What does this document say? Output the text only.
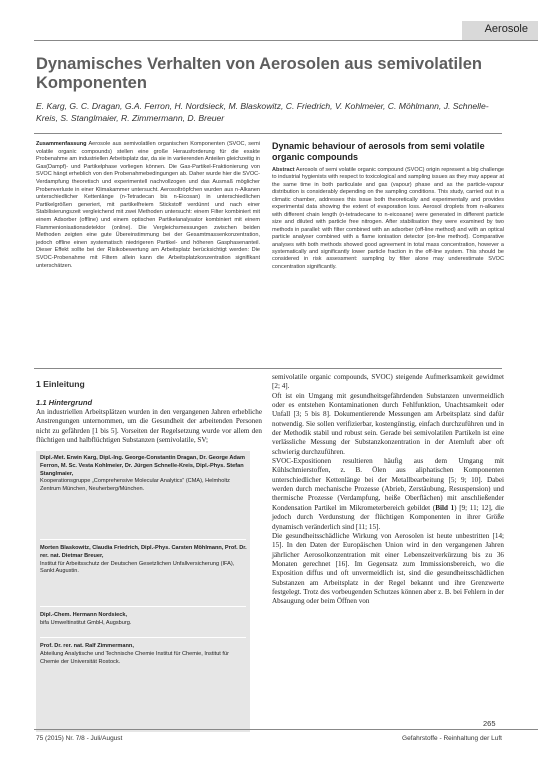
Aerosole
Dynamisches Verhalten von Aerosolen aus semivolatilen Komponenten

E. Karg, G. C. Dragan, G.A. Ferron, H. Nordsieck, M. Blaskowitz, C. Friedrich, V. Kohlmeier, C. Möhlmann, J. Schnelle-Kreis, S. Stanglmaier, R. Zimmermann, D. Breuer

Zusammenfassung Aerosole aus semivolatilen organischen Komponenten (SVOC, semi volatile organic compounds) stellen eine große Herausforderung für die exakte Probenahme am industriellen Arbeitsplatz dar, da sie in variierenden Anteilen gleichzeitig in Gas(Dampf)- und Partikelphase vorliegen können. Die Gas-Partikel-Fraktionierung von SVOC hängt erheblich von den Probenahmebedingungen ab. Daher wurde hier die SVOC-Verdampfung theoretisch und experimentell nachvollzogen und das Ausmaß möglicher Probenverluste in einer Klimakammer untersucht. Aerosoltröpfchen wurden aus n-Alkanen unterschiedlicher Kettenlänge (n-Tetradecan bis n-Eicosan) in unterschiedlichen Partikelgrößen generiert, mit partikelfreiem Stickstoff verdünnt und nach einer Stabilisierungszeit vergleichend mit zwei Methoden untersucht: einem Filter kombiniert mit einem Adsorber (offline) und einem optischen Partikelanalysator kombiniert mit einem Flammenionisationsdetektor (online). Die Vergleichsmessungen zwischen beiden Methoden zeigten eine gute Übereinstimmung bei der Gesamtmassenkonzentration, jedoch offline einen systematisch niedrigeren Partikel- und höheren Gasphasenanteil. Dieser Effekt sollte bei der Risikobewertung am Arbeitsplatz berücksichtigt werden: Die SVOC-Probenahme mit Filtern allein kann die Arbeitsplatzkonzentration signifikant unterschätzen.

Dynamic behaviour of aerosols from semi volatile organic compounds

Abstract Aerosols of semi volatile organic compound (SVOC) origin represent a big challenge to industrial hygienists with respect to toxicological and sampling issues as they may appear at the same time in both particulate and gas (vapour) phase and as the particle-vapour distribution is considerably depending on the sampling conditions. This study, carried out in a climatic chamber, addresses this issue both theoretically and experimentally and provides experimental data showing the extent of evaporation loss. Aerosol droplets from n-alkanes with different chain length (n-tetradecane to n-eicosane) were generated in different particle size and diluted with particle free nitrogen. After stabilisation they were examined by two methods in parallel: with filter combined with an adsorber (off-line method) and with an optical particle analyser combined with a flame ionisation detector (on-line method). Comparative analyses with both methods showed good agreement in total mass concentration, however a systematically and significantly lower particle fraction in the off-line system. This should be considered in risk assessment: sampling by filter alone may underestimate SVOC concentration significantly.

1 Einleitung
1.1 Hintergrund

An industriellen Arbeitsplätzen wurden in den vergangenen Jahren erhebliche Anstrengungen unternommen, um die Gesundheit der arbeitenden Personen nicht zu gefährden [1 bis 5]. Vorseiten der Regelsetzung wurde vor allem den flüchtigen und halbflüchtigen Substanzen (semivolatile, SV;

Dipl.-Met. Erwin Karg, Dipl.-Ing. George-Constantin Dragan, Dr. George Adam Ferron, M. Sc. Vesta Kohlmeier, Dr. Jürgen Schnelle-Kreis, Dipl.-Phys. Stefan Stanglmaier,
Kooperationsgruppe „Comprehensive Molecular Analytics“ (CMA), Helmholtz Zentrum München, Neuherberg/München.

Morten Blaskowitz, Claudia Friedrich, Dipl.-Phys. Carsten Möhlmann, Prof. Dr. rer. nat. Dietmar Breuer,
Institut für Arbeitsschutz der Deutschen Gesetzlichen Unfallversicherung (IFA), Sankt Augustin.

Dipl.-Chem. Hermann Nordsieck,
bifa Umweltinstitut GmbH, Augsburg.

Prof. Dr. rer. nat. Ralf Zimmermann,
Abteilung Analytische und Technische Chemie Institut für Chemie, Institut für Chemie der Universität Rostock.

semivolatile organic compounds, SVOC) steigende Aufmerksamkeit gewidmet [2; 4].

Oft ist ein Umgang mit gesundheitsgefährdenden Substanzen unvermeidlich oder es entstehen Kontaminationen durch Fehlfunktion, Unachtsamkeit oder Unfall [3; 5 bis 8]. Dokumentierende Messungen am Arbeitsplatz sind dafür notwendig. Sie sollen verifizierbar, kostengünstig, einfach durchzuführen und in der Methodik stabil und robust sein. Gerade bei semivolatilen Partikeln ist eine verlässliche Messung der Substanzkonzentration in der Atemluft aber oft schwierig durchzuführen.

SVOC-Expositionen resultieren häufig aus dem Umgang mit Kühlschmierstoffen, z. B. Ölen aus aliphatischen Komponenten unterschiedlicher Kettenlänge bei der Metallbearbeitung [5; 9; 10]. Dabei werden durch mechanische Prozesse (Abrieb, Zerstäubung, Resuspension) und thermische Prozesse (Verdampfung, heiße Oberflächen) mit anschließender Kondensation Partikel im Mikrometerbereich gebildet (Bild 1) [9; 11; 12], die jedoch durch Verdunstung der flüchtigen Komponenten in ihrer Größe dynamisch veränderlich sind [11; 15].

Die gesundheitsschädliche Wirkung von Aerosolen ist heute unbestritten [14; 15]. In den Daten der Europäischen Union wird in den vergangenen Jahren jährlicher Aerosolkonzentration mit einer Lebenszeitverkürzung bis zu 36 Monaten gerechnet [16]. Im Gegensatz zum Immissionsbereich, wo die Exposition diffus und oft unvermeidlich ist, sind die gesundheitsschädlichen Substanzen am Arbeitsplatz in der Regel bekannt und ihre Grenzwerte festgelegt. Trotz des vorbeugenden Schutzes können aber z. B. bei Fehlern in der Absaugung oder beim Öffnen von

265
75 (2015) Nr. 7/8 - Juli/August	Gefahrstoffe - Reinhaltung der Luft
